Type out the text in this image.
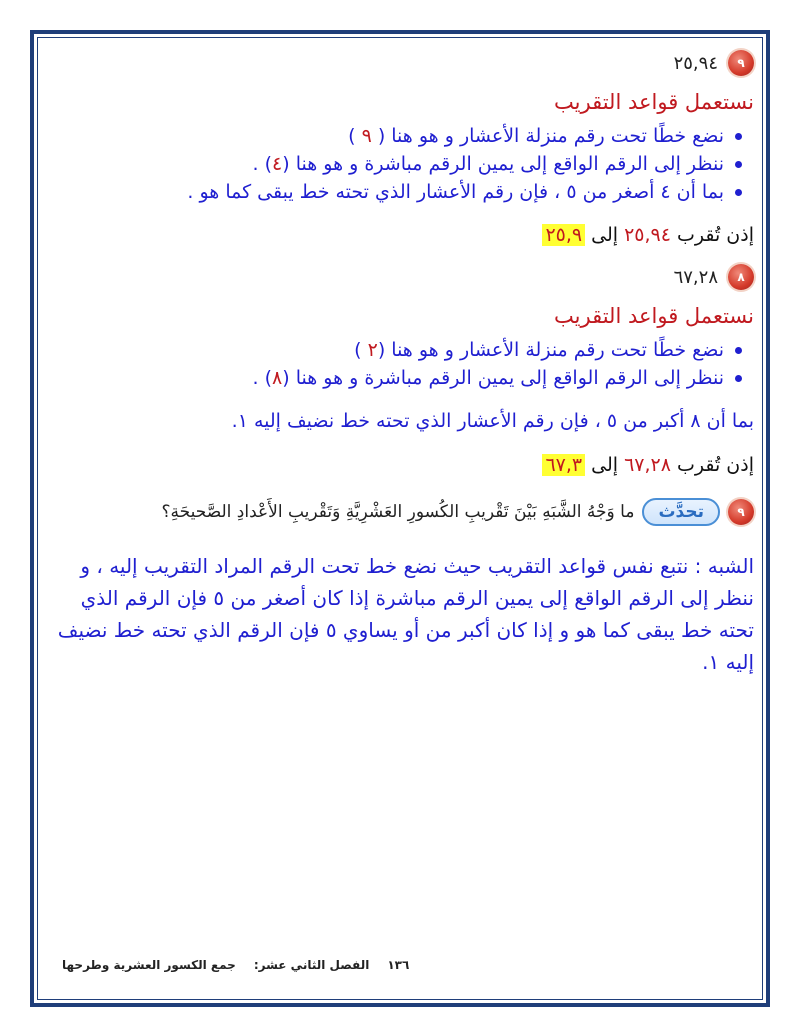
٩
٢٥,٩٤
نستعمل قواعد التقريب
نضع خطًا تحت رقم منزلة الأعشار و هو هنا ( ٩ )
ننظر إلى الرقم الواقع إلى يمين الرقم مباشرة و هو هنا (٤) .
بما أن ٤ أصغر من ٥ ، فإن رقم الأعشار الذي تحته خط يبقى كما هو .
إذن تُقرب ٢٥,٩٤ إلى ٢٥,٩
٨
٦٧,٢٨
نستعمل قواعد التقريب
نضع خطًا تحت رقم منزلة الأعشار و هو هنا (٢ )
ننظر إلى الرقم الواقع إلى يمين الرقم مباشرة و هو هنا (٨) .
بما أن ٨ أكبر من ٥ ، فإن رقم الأعشار الذي تحته خط نضيف إليه ١.
إذن تُقرب ٦٧,٢٨ إلى ٦٧,٣
٩
تحدَّث
ما وَجْهُ الشَّبَهِ بَيْنَ تَقْريبِ الكُسورِ العَشْرِيَّةِ وَتَقْريبِ الأَعْدادِ الصَّحيحَةِ؟
الشبه : نتبع نفس قواعد التقريب حيث نضع خط تحت الرقم المراد التقريب إليه ، و ننظر إلى الرقم الواقع إلى يمين الرقم مباشرة إذا كان أصغر من ٥ فإن الرقم الذي تحته خط يبقى كما هو و إذا كان أكبر من أو يساوي ٥ فإن الرقم الذي تحته خط نضيف إليه ١.
١٣٦
الفصل الثاني عشر:
جمع الكسور العشرية وطرحها
